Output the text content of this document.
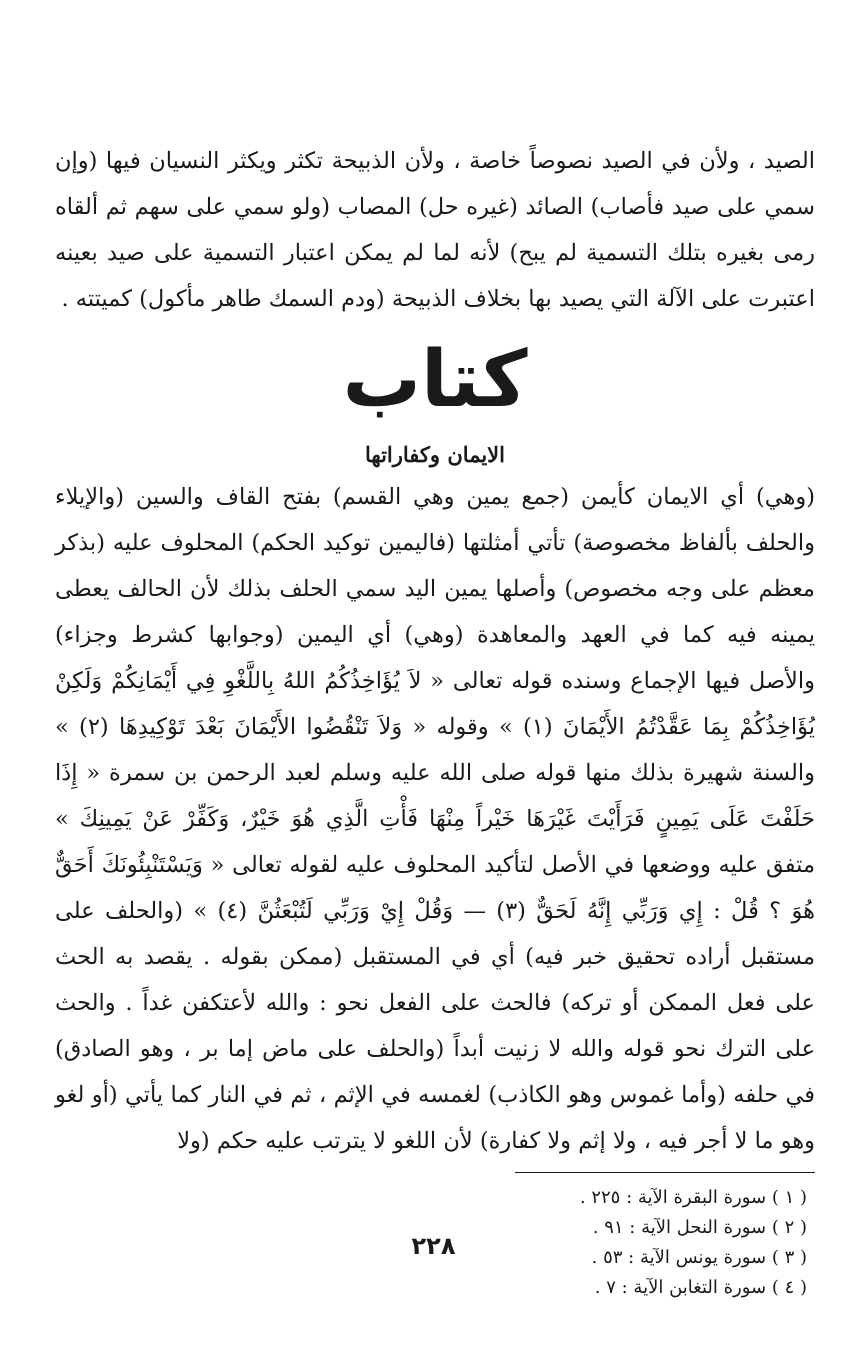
الصيد ، ولأن في الصيد نصوصاً خاصة ، ولأن الذبيحة تكثر ويكثر النسيان فيها (وإن سمي على صيد فأصاب) الصائد (غيره حل) المصاب (ولو سمي على سهم ثم ألقاه رمى بغيره بتلك التسمية لم يبح) لأنه لما لم يمكن اعتبار التسمية على صيد بعينه اعتبرت على الآلة التي يصيد بها بخلاف الذبيحة (ودم السمك طاهر مأكول) كميتته .

كتاب
الايمان وكفاراتها

(وهي) أي الايمان كأيمن (جمع يمين وهي القسم) بفتح القاف والسين (والإيلاء والحلف بألفاظ مخصوصة) تأتي أمثلتها (فاليمين توكيد الحكم) المحلوف عليه (بذكر معظم على وجه مخصوص) وأصلها يمين اليد سمي الحلف بذلك لأن الحالف يعطى يمينه فيه كما في العهد والمعاهدة (وهي) أي اليمين (وجوابها كشرط وجزاء) والأصل فيها الإجماع وسنده قوله تعالى « لاَ يُؤَاخِذُكُمُ اللهُ بِاللَّغْوِ فِي أَيْمَانِكُمْ وَلَكِنْ يُؤَاخِذُكُمْ بِمَا عَقَّدْتُمُ الأَيْمَانَ (١) » وقوله « وَلاَ تَنْقُضُوا الأَيْمَانَ بَعْدَ تَوْكِيدِهَا (٢) » والسنة شهيرة بذلك منها قوله صلى الله عليه وسلم لعبد الرحمن بن سمرة « إِذَا حَلَفْتَ عَلَى يَمِينٍ فَرَأَيْتَ غَيْرَهَا خَيْراً مِنْهَا فَأْتِ الَّذِي هُوَ خَيْرٌ، وَكَفِّرْ عَنْ يَمِينِكَ » متفق عليه ووضعها في الأصل لتأكيد المحلوف عليه لقوله تعالى « وَيَسْتَنْبِئُونَكَ أَحَقٌّ هُوَ ؟ قُلْ : إِي وَرَبِّي إِنَّهُ لَحَقٌّ (٣) — وَقُلْ إِيْ وَرَبِّي لَتُبْعَثُنَّ (٤) » (والحلف على مستقبل أراده تحقيق خبر فيه) أي في المستقبل (ممكن بقوله . يقصد به الحث على فعل الممكن أو تركه) فالحث على الفعل نحو : والله لأعتكفن غداً . والحث على الترك نحو قوله والله لا زنيت أبداً (والحلف على ماض إما بر ، وهو الصادق) في حلفه (وأما غموس وهو الكاذب) لغمسه في الإثم ، ثم في النار كما يأتي (أو لغو وهو ما لا أجر فيه ، ولا إثم ولا كفارة) لأن اللغو لا يترتب عليه حكم (ولا

( ١ ) سورة البقرة الآية : ٢٢٥ .
( ٢ ) سورة النحل الآية : ٩١ .
( ٣ ) سورة يونس الآية : ٥٣ .
( ٤ ) سورة التغابن الآية : ٧ .
٢٢٨
